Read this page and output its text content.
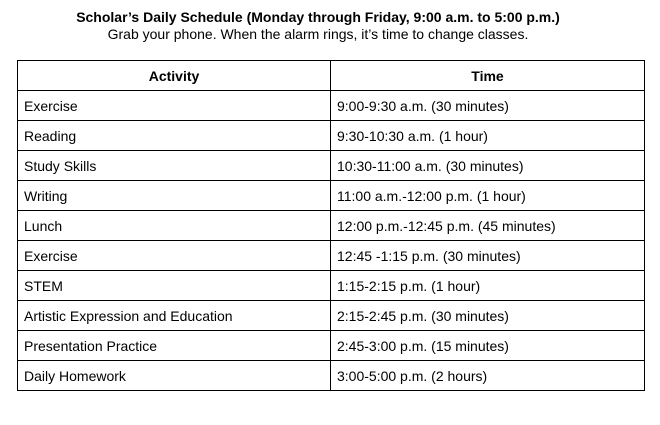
Scholar’s Daily Schedule (Monday through Friday, 9:00 a.m. to 5:00 p.m.)

Grab your phone. When the alarm rings, it’s time to change classes.

Activity	Time
Exercise	9:00-9:30 a.m. (30 minutes)
Reading	9:30-10:30 a.m. (1 hour)
Study Skills	10:30-11:00 a.m. (30 minutes)
Writing	11:00 a.m.-12:00 p.m. (1 hour)
Lunch	12:00 p.m.-12:45 p.m. (45 minutes)
Exercise	12:45 -1:15 p.m. (30 minutes)
STEM	1:15-2:15 p.m. (1 hour)
Artistic Expression and Education	2:15-2:45 p.m. (30 minutes)
Presentation Practice	2:45-3:00 p.m. (15 minutes)
Daily Homework	3:00-5:00 p.m. (2 hours)
